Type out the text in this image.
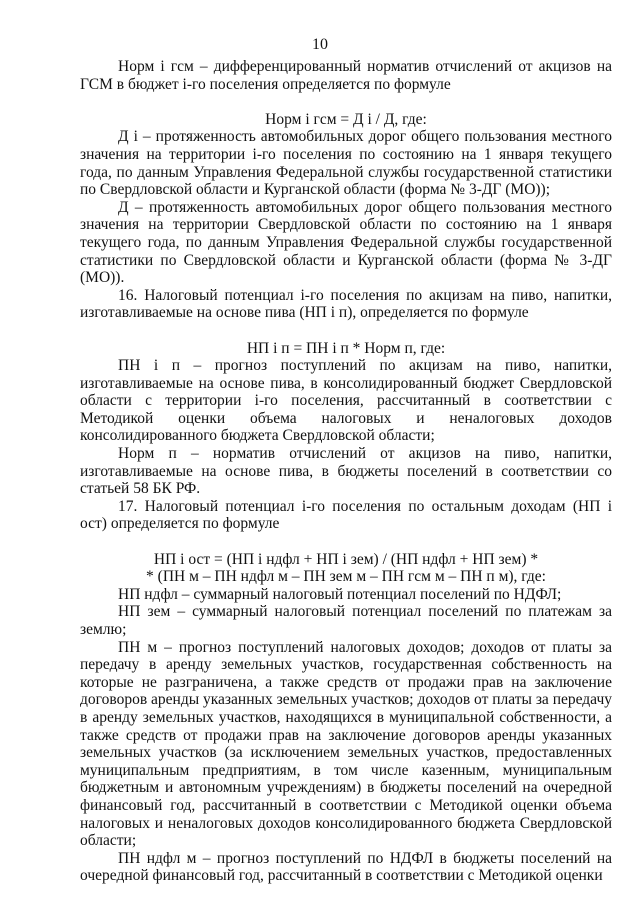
10

Норм i гсм – дифференцированный норматив отчислений от акцизов на ГСМ в бюджет i-го поселения определяется по формуле

Норм i гсм = Д i / Д, где:

Д i – протяженность автомобильных дорог общего пользования местного значения на территории i-го поселения по состоянию на 1 января текущего года, по данным Управления Федеральной службы государственной статистики по Свердловской области и Курганской области (форма № 3-ДГ (МО));

Д – протяженность автомобильных дорог общего пользования местного значения на территории Свердловской области по состоянию на 1 января текущего года, по данным Управления Федеральной службы государственной статистики по Свердловской области и Курганской области (форма № 3-ДГ (МО)).

16. Налоговый потенциал i-го поселения по акцизам на пиво, напитки, изготавливаемые на основе пива (НП i п), определяется по формуле

НП i п = ПН i п * Норм п, где:

ПН i п – прогноз поступлений по акцизам на пиво, напитки, изготавливаемые на основе пива, в консолидированный бюджет Свердловской области с территории i-го поселения, рассчитанный в соответствии с Методикой оценки объема налоговых и неналоговых доходов консолидированного бюджета Свердловской области;

Норм п – норматив отчислений от акцизов на пиво, напитки, изготавливаемые на основе пива, в бюджеты поселений в соответствии со статьей 58 БК РФ.

17. Налоговый потенциал i-го поселения по остальным доходам (НП i ост) определяется по формуле

НП i ост = (НП i ндфл + НП i зем) / (НП ндфл + НП зем) *

* (ПН м – ПН ндфл м – ПН зем м – ПН гсм м – ПН п м), где:

НП ндфл – суммарный налоговый потенциал поселений по НДФЛ;

НП зем – суммарный налоговый потенциал поселений по платежам за землю;

ПН м – прогноз поступлений налоговых доходов; доходов от платы за передачу в аренду земельных участков, государственная собственность на которые не разграничена, а также средств от продажи прав на заключение договоров аренды указанных земельных участков; доходов от платы за передачу в аренду земельных участков, находящихся в муниципальной собственности, а также средств от продажи прав на заключение договоров аренды указанных земельных участков (за исключением земельных участков, предоставленных муниципальным предприятиям, в том числе казенным, муниципальным бюджетным и автономным учреждениям) в бюджеты поселений на очередной финансовый год, рассчитанный в соответствии с Методикой оценки объема налоговых и неналоговых доходов консолидированного бюджета Свердловской области;

ПН ндфл м – прогноз поступлений по НДФЛ в бюджеты поселений на очередной финансовый год, рассчитанный в соответствии с Методикой оценки
